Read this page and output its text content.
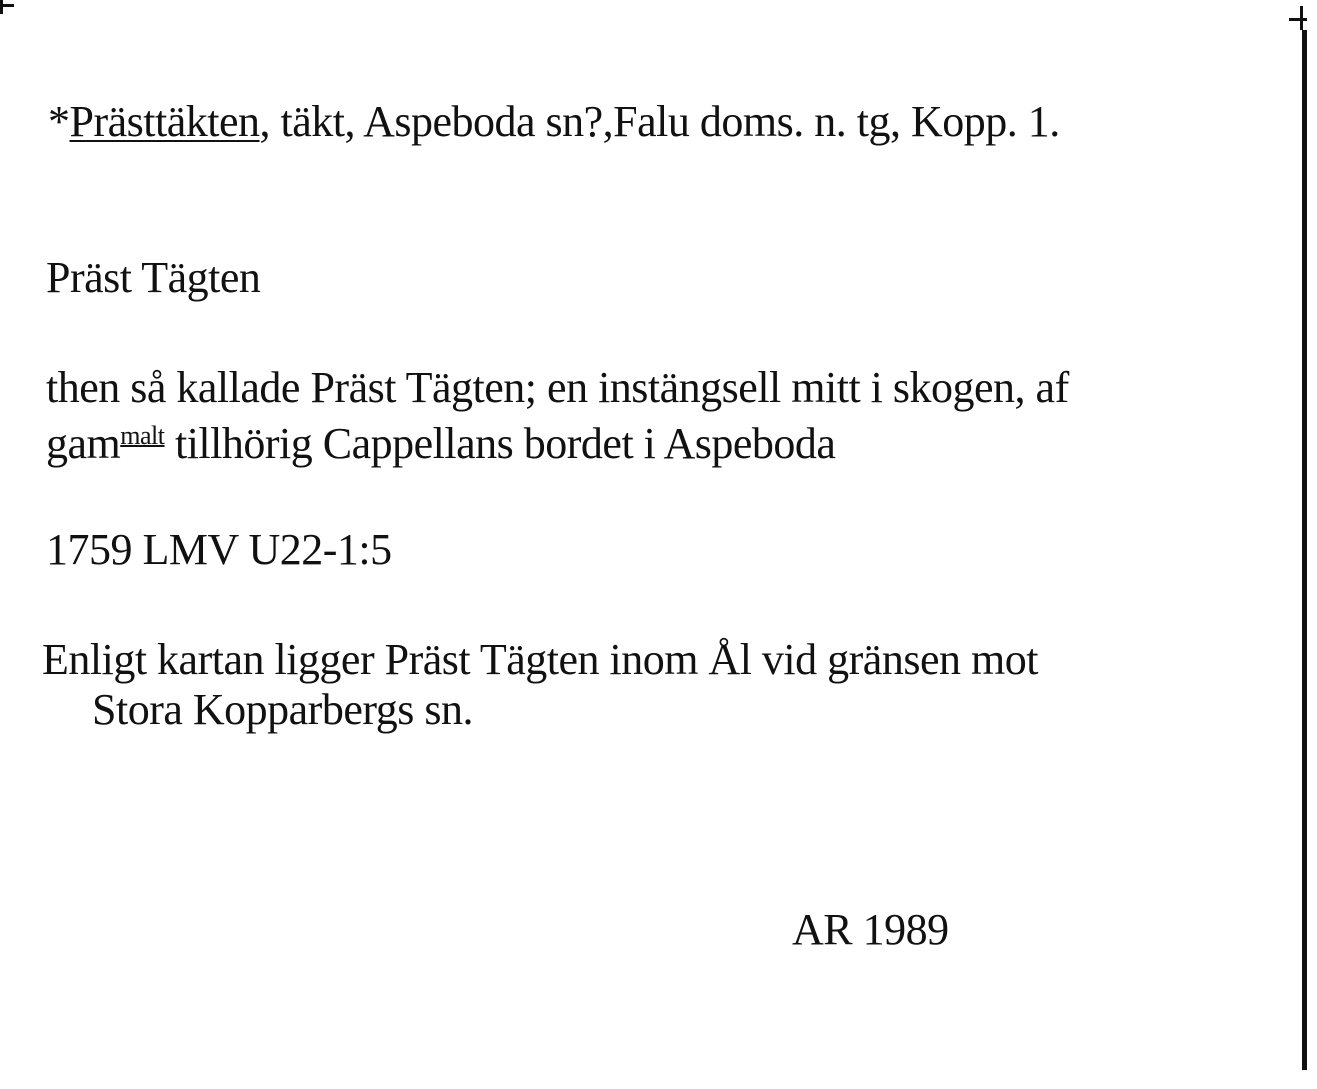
*Prästtäkten, täkt, Aspeboda sn?,Falu doms. n. tg, Kopp. 1.
Präst Tägten
then så kallade Präst Tägten; en instängsell mitt i skogen, af
gam$^{malt}$ tillhörig Cappellans bordet i Aspeboda
1759 LMV U22-1:5
Enligt kartan ligger Präst Tägten inom Ål vid gränsen mot
Stora Kopparbergs sn.
AR 1989
